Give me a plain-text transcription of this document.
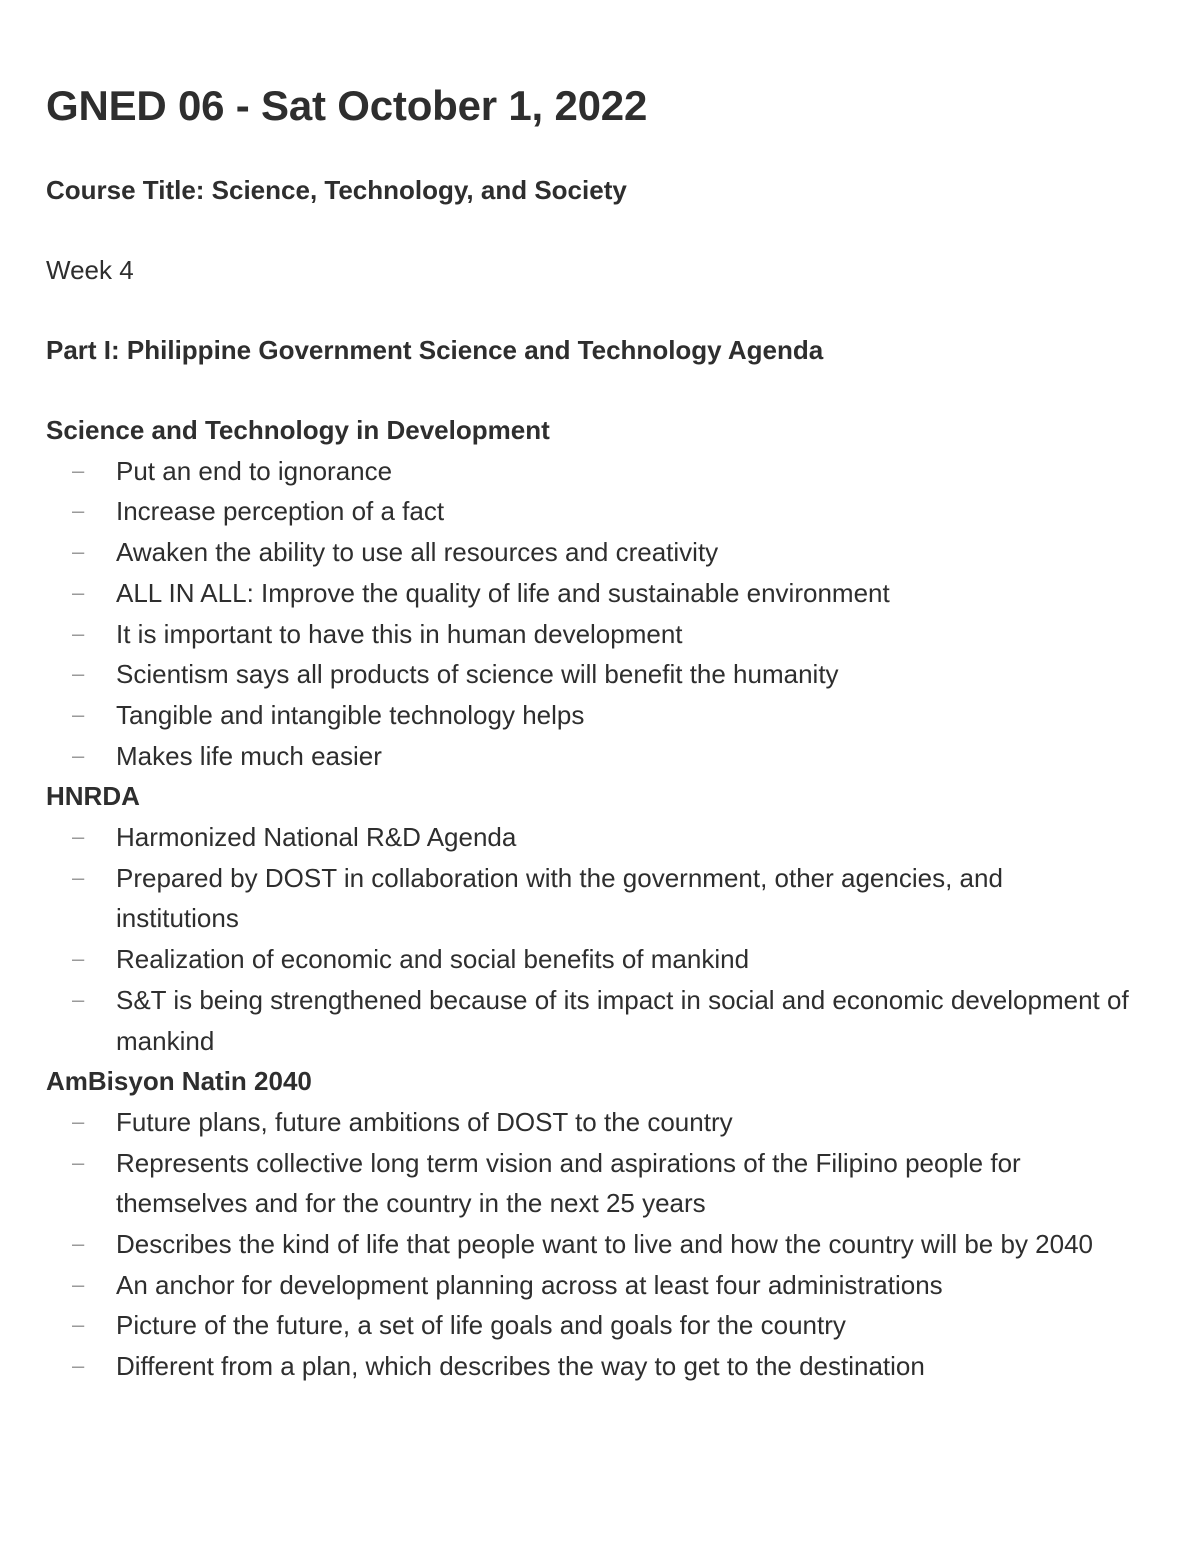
GNED 06 - Sat October 1, 2022

Course Title: Science, Technology, and Society

Week 4

Part I: Philippine Government Science and Technology Agenda

Science and Technology in Development
– Put an end to ignorance
– Increase perception of a fact
– Awaken the ability to use all resources and creativity
– ALL IN ALL: Improve the quality of life and sustainable environment
– It is important to have this in human development
– Scientism says all products of science will benefit the humanity
– Tangible and intangible technology helps
– Makes life much easier
HNRDA
– Harmonized National R&D Agenda
– Prepared by DOST in collaboration with the government, other agencies, and institutions
– Realization of economic and social benefits of mankind
– S&T is being strengthened because of its impact in social and economic development of mankind
AmBisyon Natin 2040
– Future plans, future ambitions of DOST to the country
– Represents collective long term vision and aspirations of the Filipino people for themselves and for the country in the next 25 years
– Describes the kind of life that people want to live and how the country will be by 2040
– An anchor for development planning across at least four administrations
– Picture of the future, a set of life goals and goals for the country
– Different from a plan, which describes the way to get to the destination
